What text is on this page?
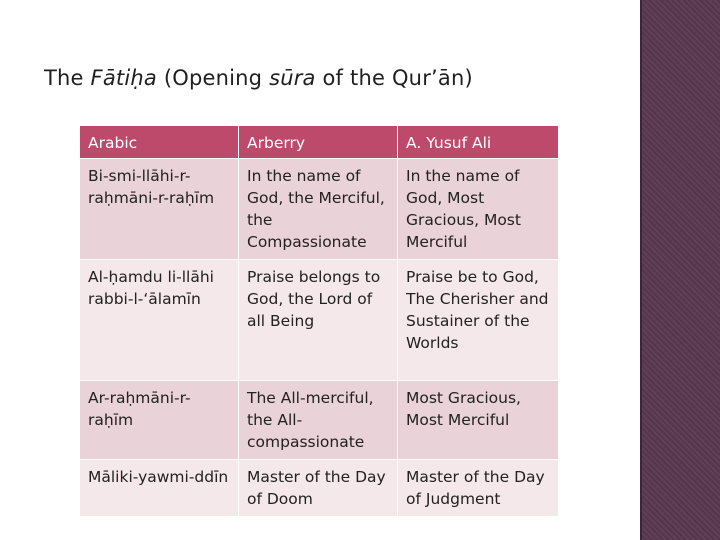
The Fātiḥa (Opening sūra of the Qur’ān)
Arabic	Arberry	A. Yusuf Ali
Bi-smi-llāhi-r-raḥmāni-r-raḥīm	In the name of God, the Merciful, the Compassionate	In the name of God, Most Gracious, Most Merciful
Al-ḥamdu li-llāhi rabbi-l-‘ālamīn	Praise belongs to God, the Lord of all Being	Praise be to God, The Cherisher and Sustainer of the Worlds
Ar-raḥmāni-r-raḥīm	The All-merciful, the All-compassionate	Most Gracious, Most Merciful
Māliki-yawmi-ddīn	Master of the Day of Doom	Master of the Day of Judgment
